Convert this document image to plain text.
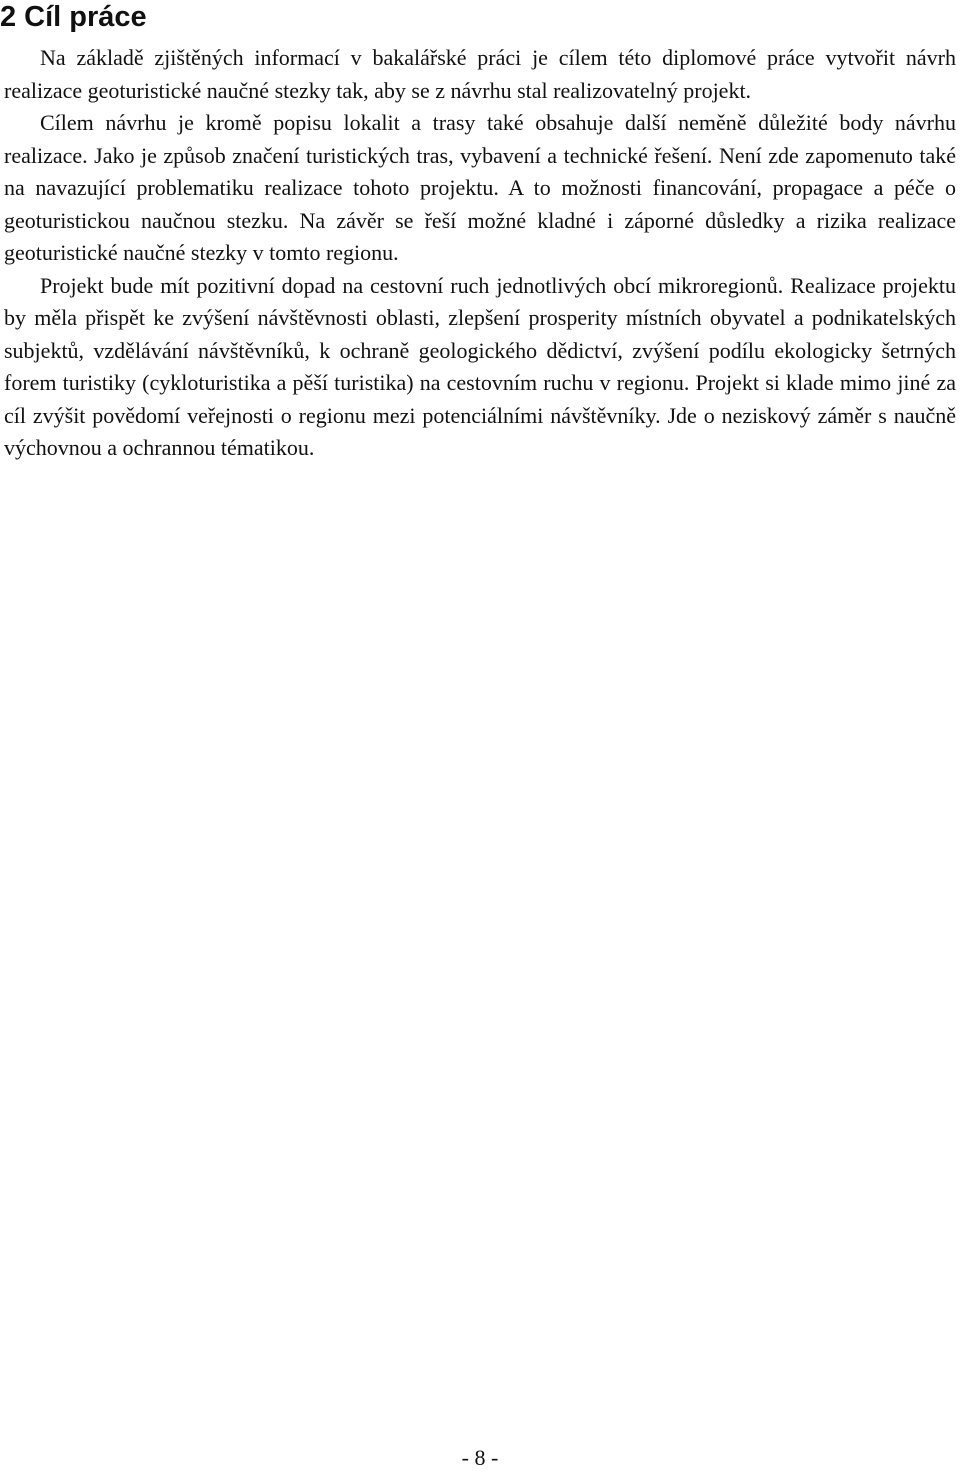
2 Cíl práce

Na základě zjištěných informací v bakalářské práci je cílem této diplomové práce vytvořit návrh realizace geoturistické naučné stezky tak, aby se z návrhu stal realizovatelný projekt.

Cílem návrhu je kromě popisu lokalit a trasy také obsahuje další neměně důležité body návrhu realizace. Jako je způsob značení turistických tras, vybavení a technické řešení. Není zde zapomenuto také na navazující problematiku realizace tohoto projektu. A to možnosti financování, propagace a péče o geoturistickou naučnou stezku. Na závěr se řeší možné kladné i záporné důsledky a rizika realizace geoturistické naučné stezky v tomto regionu.

Projekt bude mít pozitivní dopad na cestovní ruch jednotlivých obcí mikroregionů. Realizace projektu by měla přispět ke zvýšení návštěvnosti oblasti, zlepšení prosperity místních obyvatel a podnikatelských subjektů, vzdělávání návštěvníků, k ochraně geologického dědictví, zvýšení podílu ekologicky šetrných forem turistiky (cykloturistika a pěší turistika) na cestovním ruchu v regionu. Projekt si klade mimo jiné za cíl zvýšit povědomí veřejnosti o regionu mezi potenciálními návštěvníky. Jde o neziskový záměr s naučně výchovnou a ochrannou tématikou.

- 8 -
